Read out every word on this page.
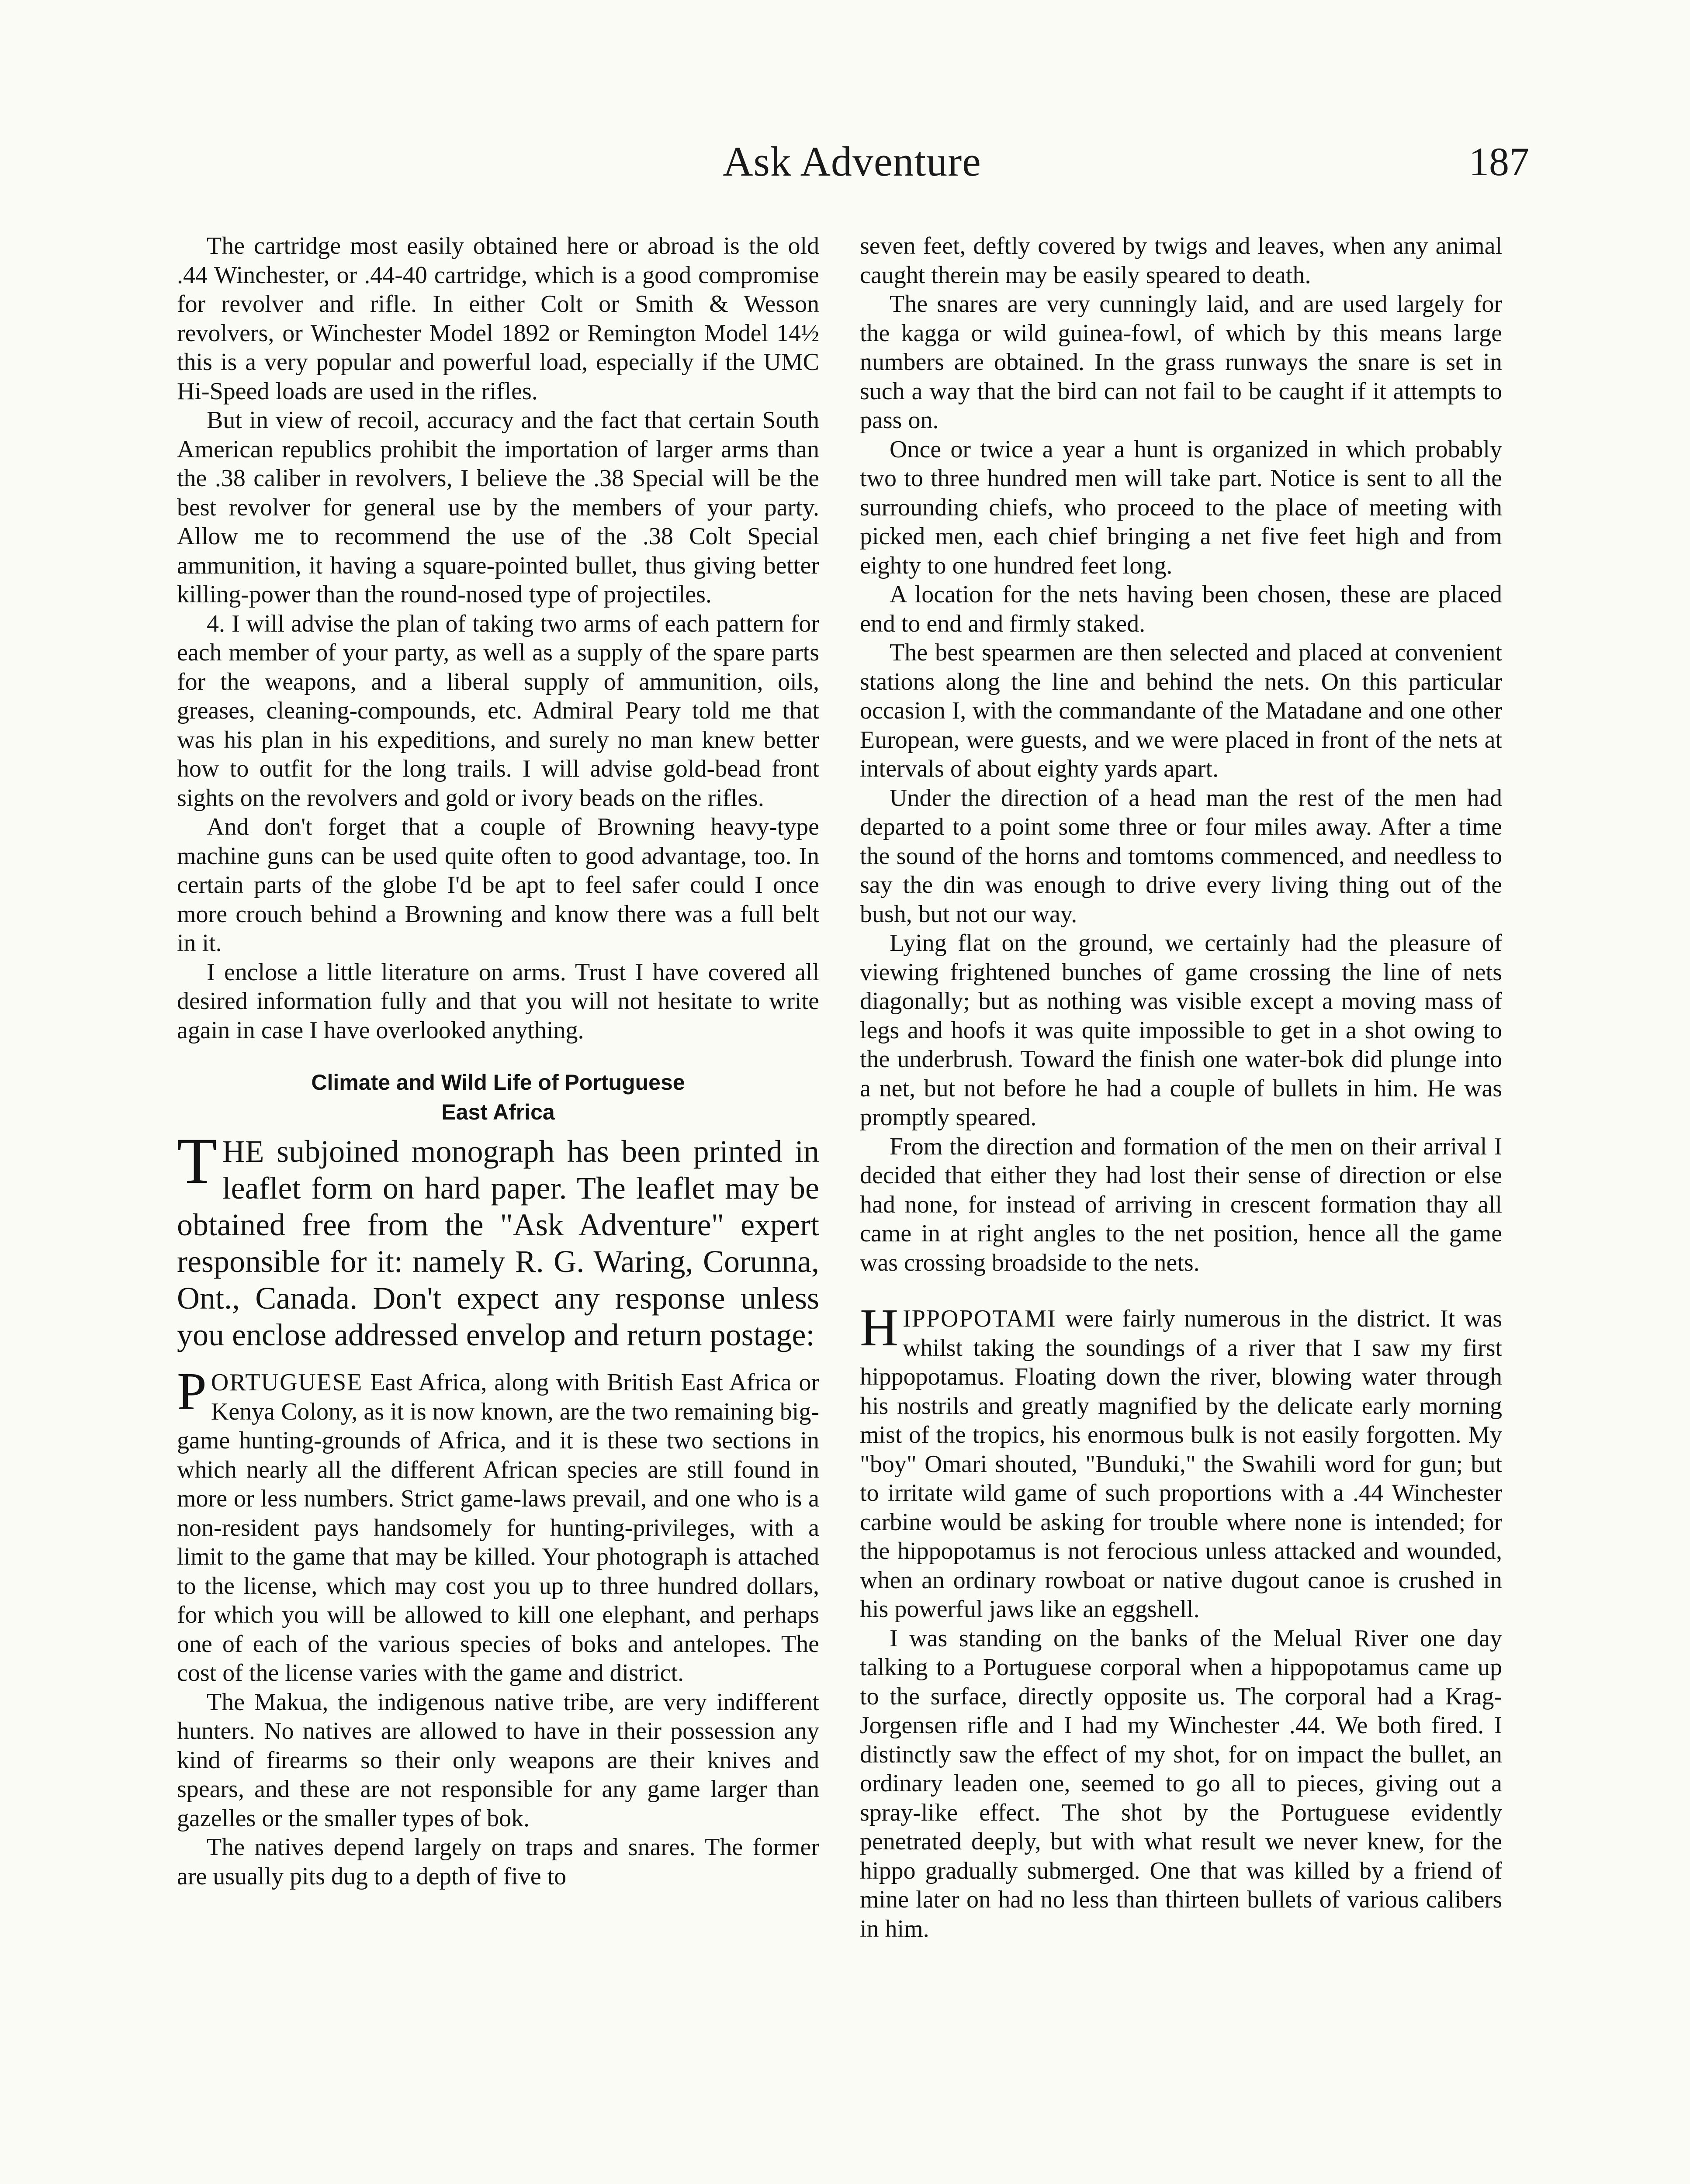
Ask Adventure	187

The cartridge most easily obtained here or abroad is the old .44 Winchester, or .44-40 cartridge, which is a good compromise for revolver and rifle. In either Colt or Smith & Wesson revolvers, or Winchester Model 1892 or Remington Model 14½ this is a very popular and powerful load, especially if the UMC Hi-Speed loads are used in the rifles.

But in view of recoil, accuracy and the fact that certain South American republics prohibit the importation of larger arms than the .38 caliber in revolvers, I believe the .38 Special will be the best revolver for general use by the members of your party. Allow me to recommend the use of the .38 Colt Special ammunition, it having a square-pointed bullet, thus giving better killing-power than the round-nosed type of projectiles.

4. I will advise the plan of taking two arms of each pattern for each member of your party, as well as a supply of the spare parts for the weapons, and a liberal supply of ammunition, oils, greases, cleaning-compounds, etc. Admiral Peary told me that was his plan in his expeditions, and surely no man knew better how to outfit for the long trails. I will advise gold-bead front sights on the revolvers and gold or ivory beads on the rifles.

And don't forget that a couple of Browning heavy-type machine guns can be used quite often to good advantage, too. In certain parts of the globe I'd be apt to feel safer could I once more crouch behind a Browning and know there was a full belt in it.

I enclose a little literature on arms. Trust I have covered all desired information fully and that you will not hesitate to write again in case I have overlooked anything.

Climate and Wild Life of Portuguese
East Africa

THE subjoined monograph has been printed in leaflet form on hard paper. The leaflet may be obtained free from the "Ask Adventure" expert responsible for it: namely R. G. Waring, Corunna, Ont., Canada. Don't expect any response unless you enclose addressed envelop and return postage:

PORTUGUESE East Africa, along with British East Africa or Kenya Colony, as it is now known, are the two remaining big-game hunting-grounds of Africa, and it is these two sections in which nearly all the different African species are still found in more or less numbers. Strict game-laws prevail, and one who is a non-resident pays handsomely for hunting-privileges, with a limit to the game that may be killed. Your photograph is attached to the license, which may cost you up to three hundred dollars, for which you will be allowed to kill one elephant, and perhaps one of each of the various species of boks and antelopes. The cost of the license varies with the game and district.

The Makua, the indigenous native tribe, are very indifferent hunters. No natives are allowed to have in their possession any kind of firearms so their only weapons are their knives and spears, and these are not responsible for any game larger than gazelles or the smaller types of bok.

The natives depend largely on traps and snares. The former are usually pits dug to a depth of five to

seven feet, deftly covered by twigs and leaves, when any animal caught therein may be easily speared to death.

The snares are very cunningly laid, and are used largely for the kagga or wild guinea-fowl, of which by this means large numbers are obtained. In the grass runways the snare is set in such a way that the bird can not fail to be caught if it attempts to pass on.

Once or twice a year a hunt is organized in which probably two to three hundred men will take part. Notice is sent to all the surrounding chiefs, who proceed to the place of meeting with picked men, each chief bringing a net five feet high and from eighty to one hundred feet long.

A location for the nets having been chosen, these are placed end to end and firmly staked.

The best spearmen are then selected and placed at convenient stations along the line and behind the nets. On this particular occasion I, with the commandante of the Matadane and one other European, were guests, and we were placed in front of the nets at intervals of about eighty yards apart.

Under the direction of a head man the rest of the men had departed to a point some three or four miles away. After a time the sound of the horns and tomtoms commenced, and needless to say the din was enough to drive every living thing out of the bush, but not our way.

Lying flat on the ground, we certainly had the pleasure of viewing frightened bunches of game crossing the line of nets diagonally; but as nothing was visible except a moving mass of legs and hoofs it was quite impossible to get in a shot owing to the underbrush. Toward the finish one water-bok did plunge into a net, but not before he had a couple of bullets in him. He was promptly speared.

From the direction and formation of the men on their arrival I decided that either they had lost their sense of direction or else had none, for instead of arriving in crescent formation thay all came in at right angles to the net position, hence all the game was crossing broadside to the nets.

HIPPOPOTAMI were fairly numerous in the district. It was whilst taking the soundings of a river that I saw my first hippopotamus. Floating down the river, blowing water through his nostrils and greatly magnified by the delicate early morning mist of the tropics, his enormous bulk is not easily forgotten. My "boy" Omari shouted, "Bunduki," the Swahili word for gun; but to irritate wild game of such proportions with a .44 Winchester carbine would be asking for trouble where none is intended; for the hippopotamus is not ferocious unless attacked and wounded, when an ordinary rowboat or native dugout canoe is crushed in his powerful jaws like an eggshell.

I was standing on the banks of the Melual River one day talking to a Portuguese corporal when a hippopotamus came up to the surface, directly opposite us. The corporal had a Krag-Jorgensen rifle and I had my Winchester .44. We both fired. I distinctly saw the effect of my shot, for on impact the bullet, an ordinary leaden one, seemed to go all to pieces, giving out a spray-like effect. The shot by the Portuguese evidently penetrated deeply, but with what result we never knew, for the hippo gradually submerged. One that was killed by a friend of mine later on had no less than thirteen bullets of various calibers in him.
